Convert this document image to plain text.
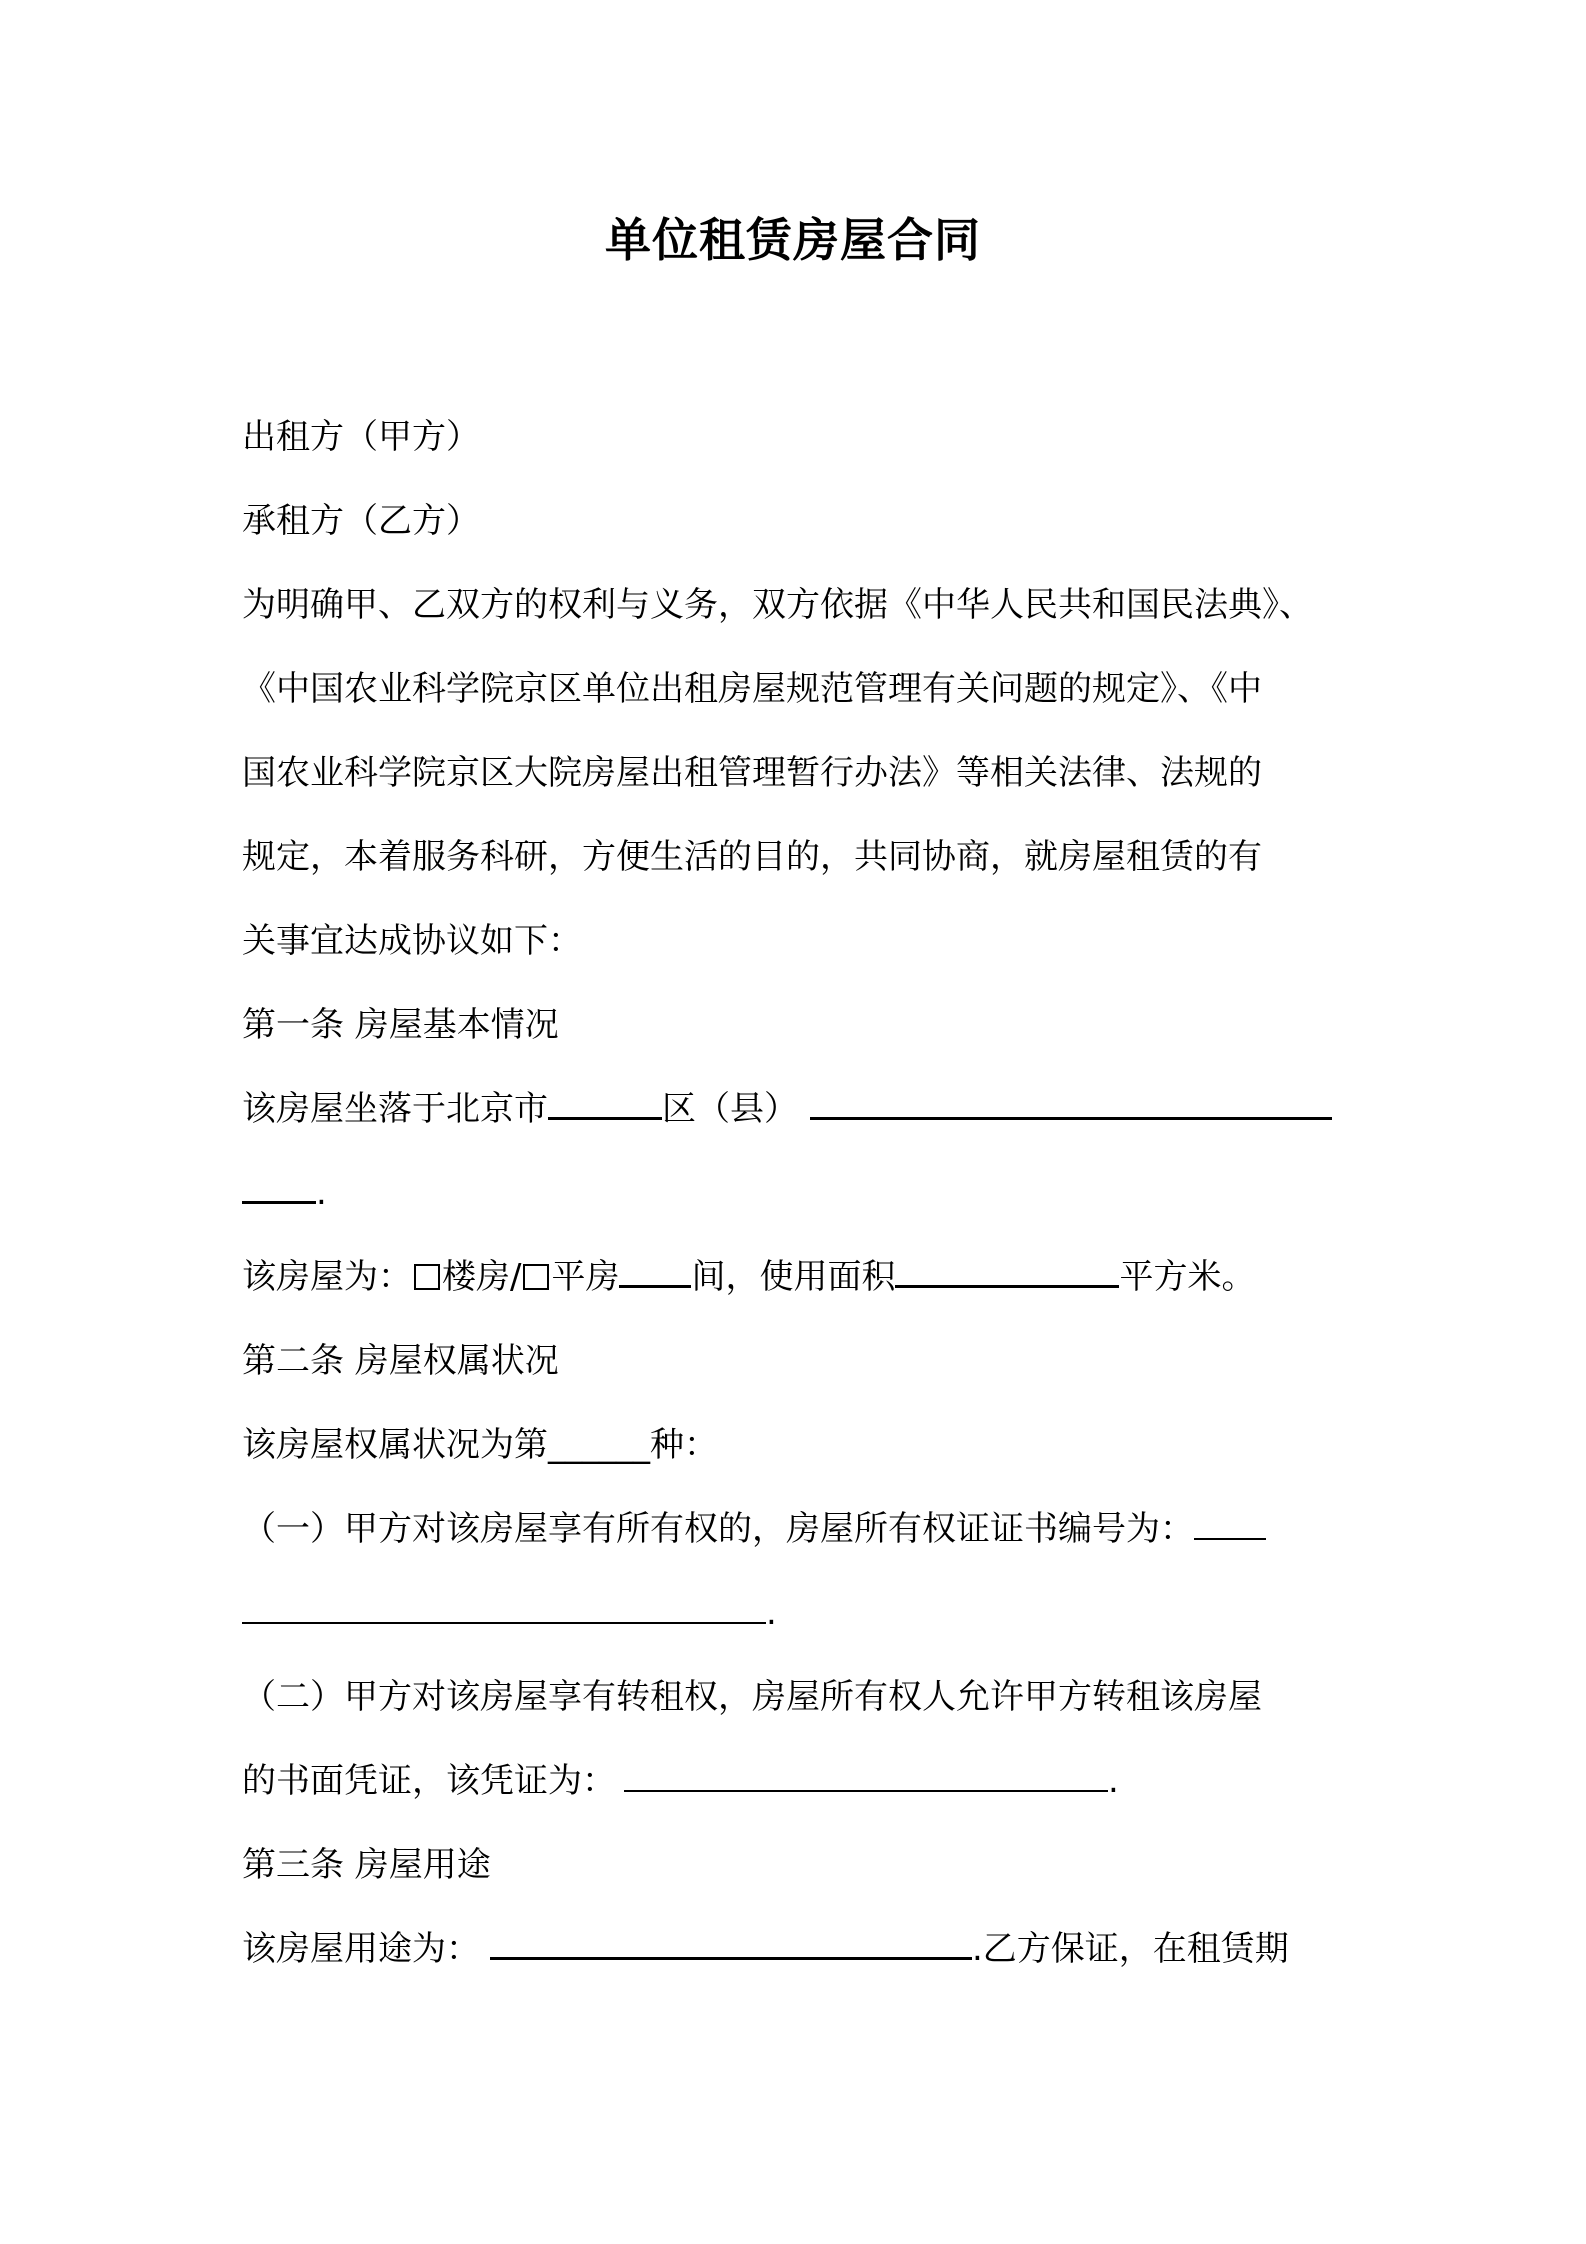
单位租赁房屋合同
出租方（甲方）
承租方（乙方）
为明确甲、乙双方的权利与义务，双方依据《中华人民共和国民法典》、
《中国农业科学院京区单位出租房屋规范管理有关问题的规定》、《中
国农业科学院京区大院房屋出租管理暂行办法》等相关法律、法规的
规定，本着服务科研，方便生活的目的，共同协商，就房屋租赁的有
关事宜达成协议如下：
第一条 房屋基本情况
该房屋坐落于北京市	区（县）
.
该房屋为： 楼房/ 平房 间，使用面积	平方米。
第二条 房屋权属状况
该房屋权属状况为第______种：
（一）甲方对该房屋享有所有权的，房屋所有权证证书编号为：
.
（二）甲方对该房屋享有转租权，房屋所有权人允许甲方转租该房屋
的书面凭证，该凭证为：	.
第三条 房屋用途
该房屋用途为：	.乙方保证，在租赁期
